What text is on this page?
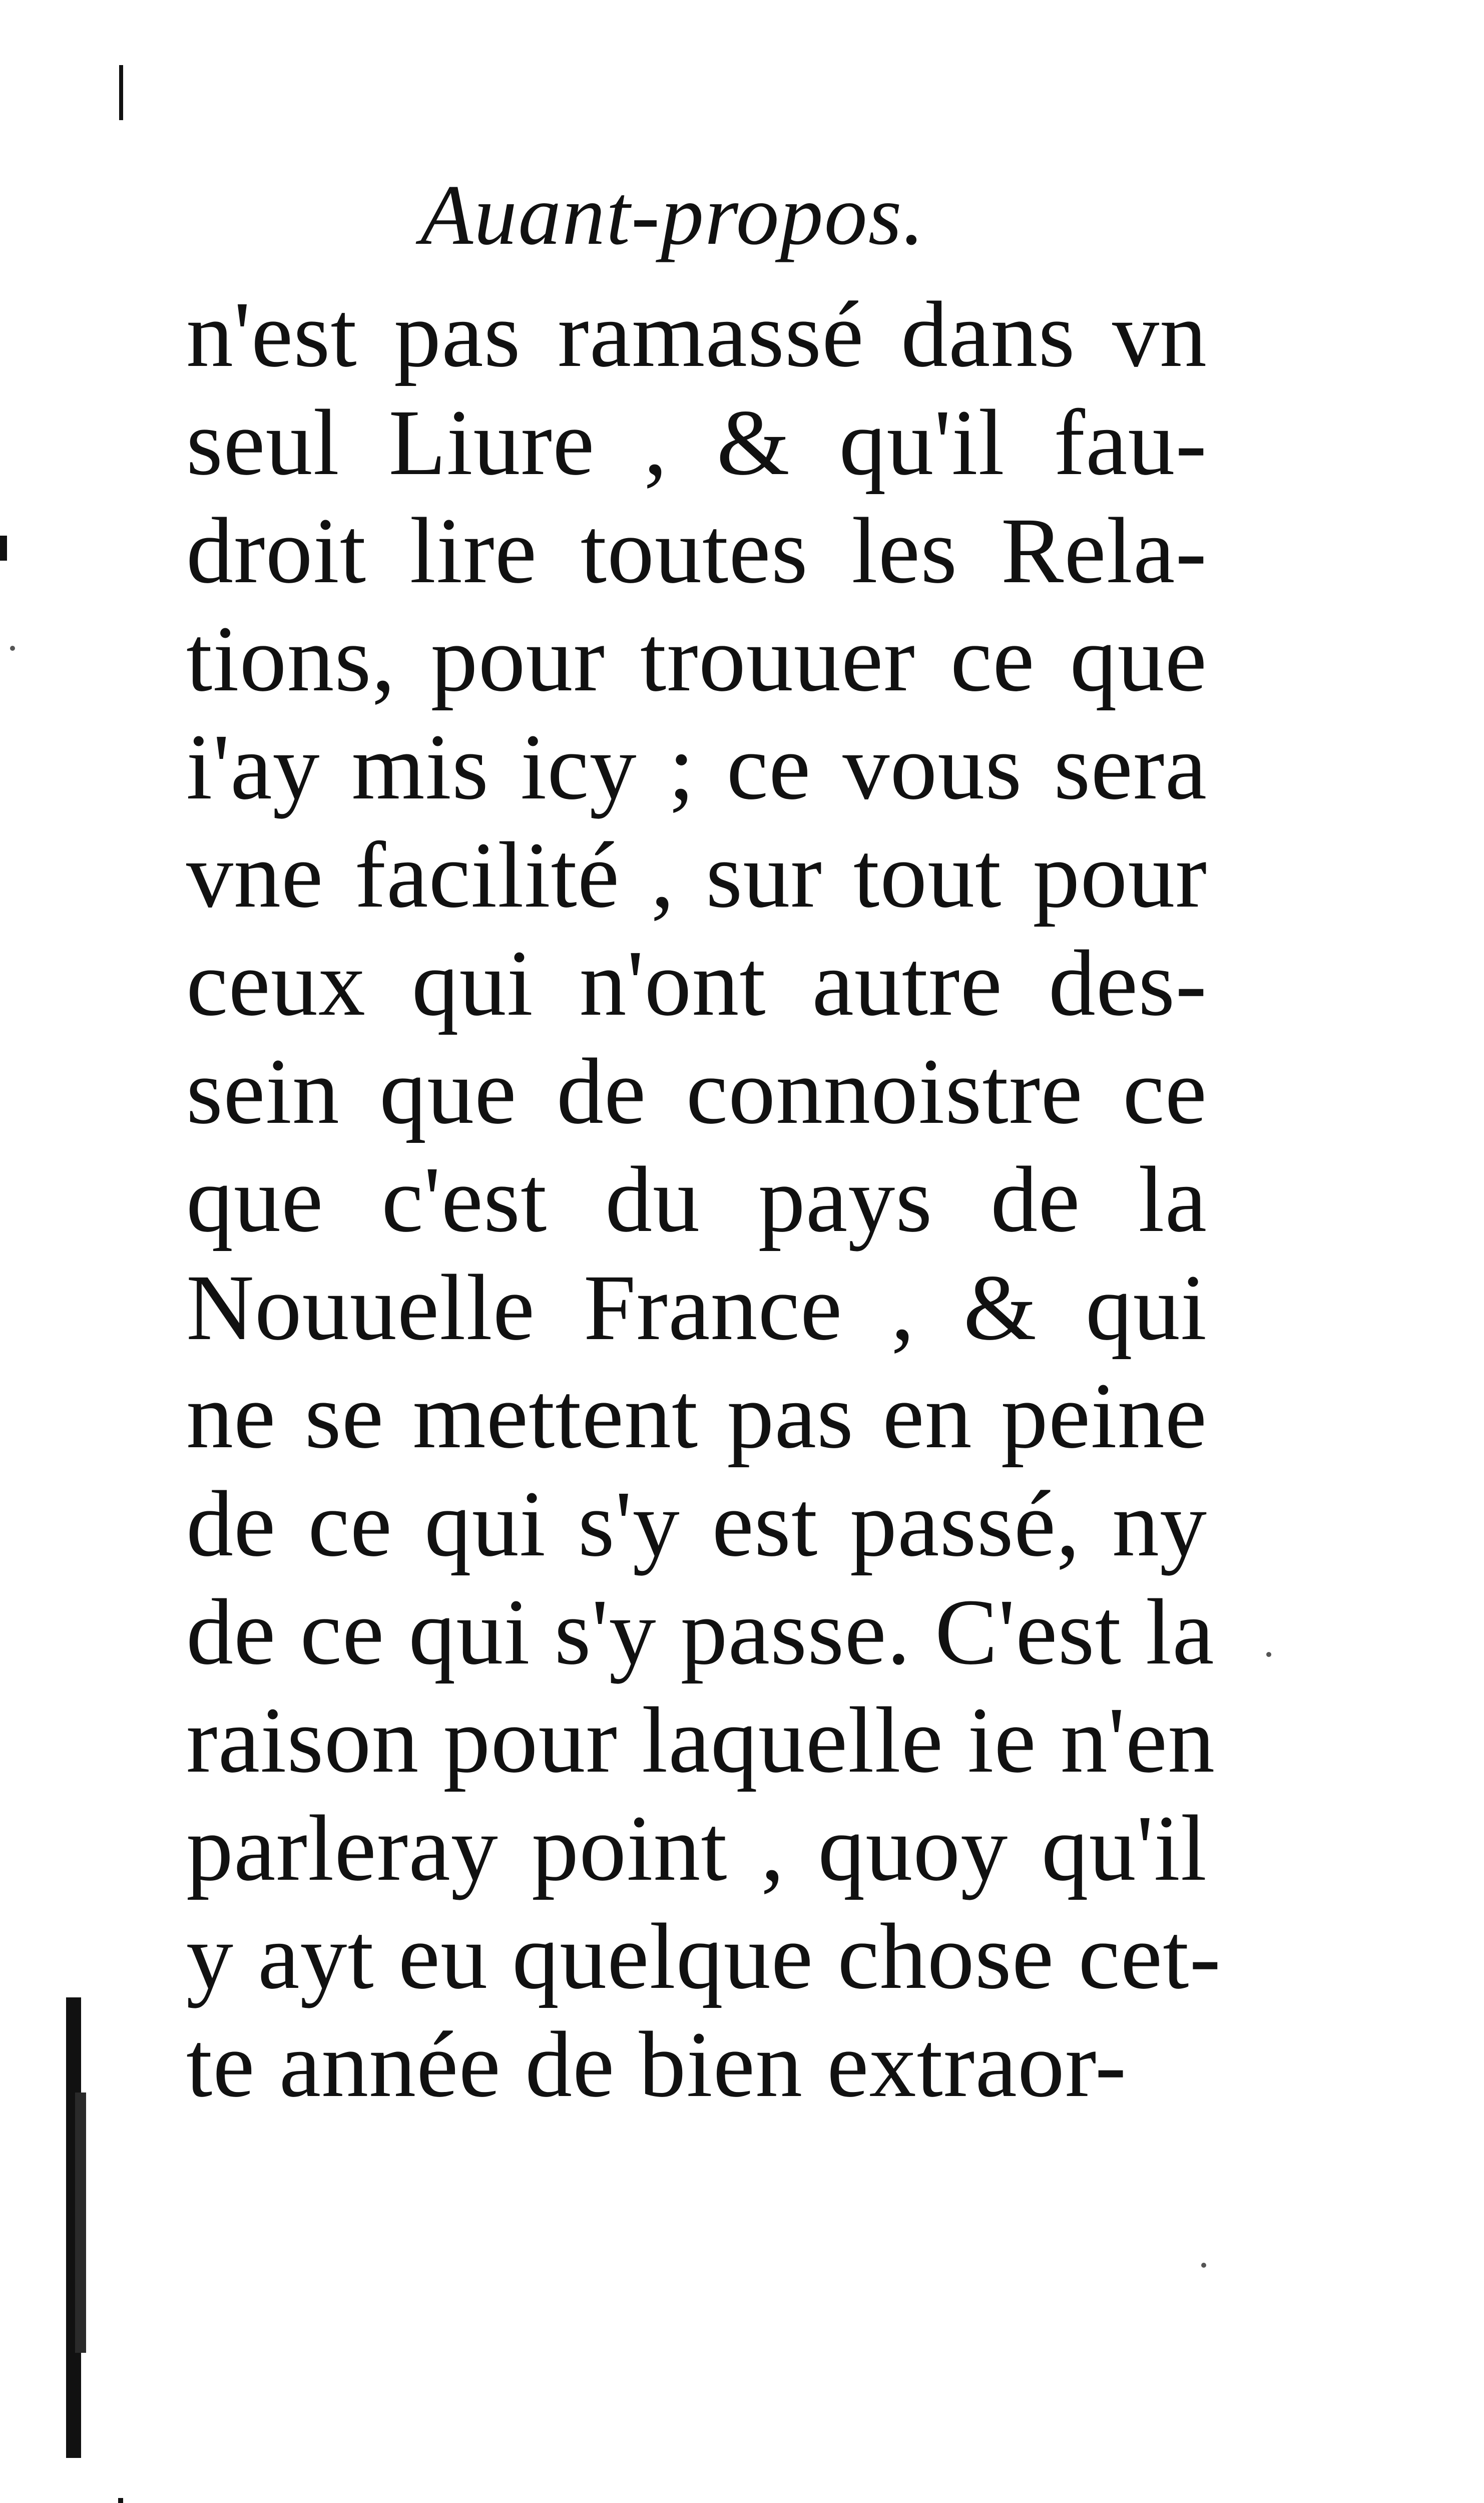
Auant-propos.
n'est pas ramassé dans vn
seul Liure , & qu'il fau-
droit lire toutes les Rela-
tions, pour trouuer ce que
i'ay mis icy ; ce vous sera
vne facilité , sur tout pour
ceux qui n'ont autre des-
sein que de connoistre ce
que c'est du pays de la
Nouuelle France , & qui
ne se mettent pas en peine
de ce qui s'y est passé, ny
de ce qui s'y passe. C'est la
raison pour laquelle ie n'en
parleray point , quoy qu'il
y ayt eu quelque chose cet-
te année de bien extraor-
